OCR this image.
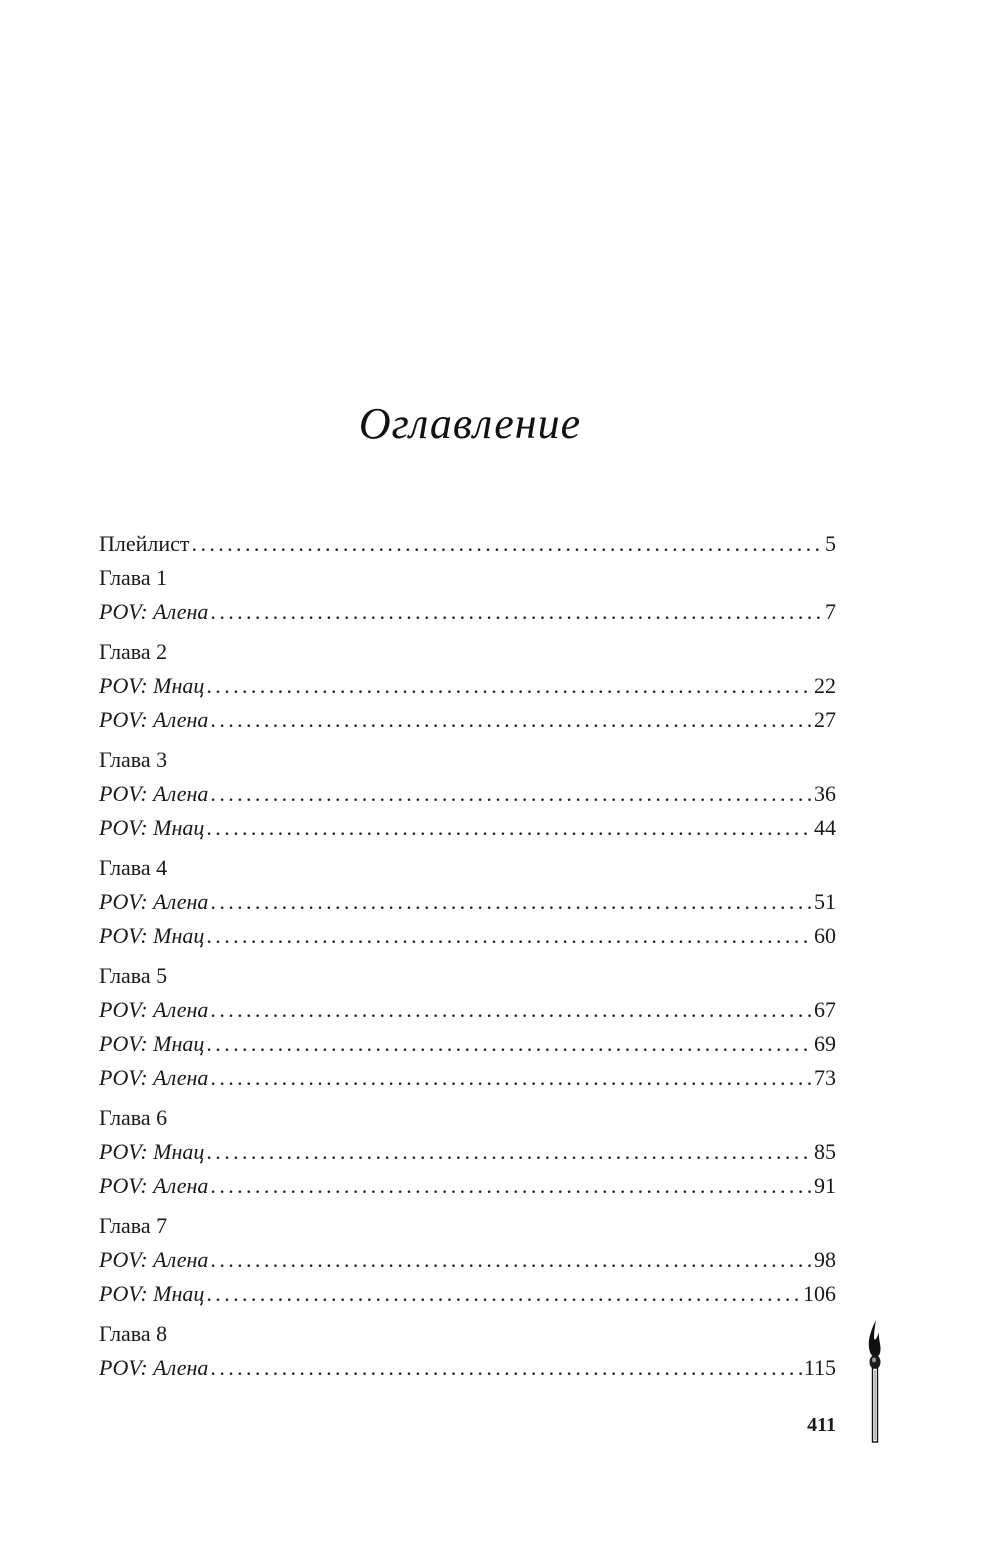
Оглавление
Плейлист .....	5
Глава 1
POV: Алена .....	7
Глава 2
POV: Мнац .....	22
POV: Алена .....	27
Глава 3
POV: Алена .....	36
POV: Мнац .....	44
Глава 4
POV: Алена .....	51
POV: Мнац .....	60
Глава 5
POV: Алена .....	67
POV: Мнац .....	69
POV: Алена .....	73
Глава 6
POV: Мнац .....	85
POV: Алена .....	91
Глава 7
POV: Алена .....	98
POV: Мнац .....	106
Глава 8
POV: Алена .....	115
411
